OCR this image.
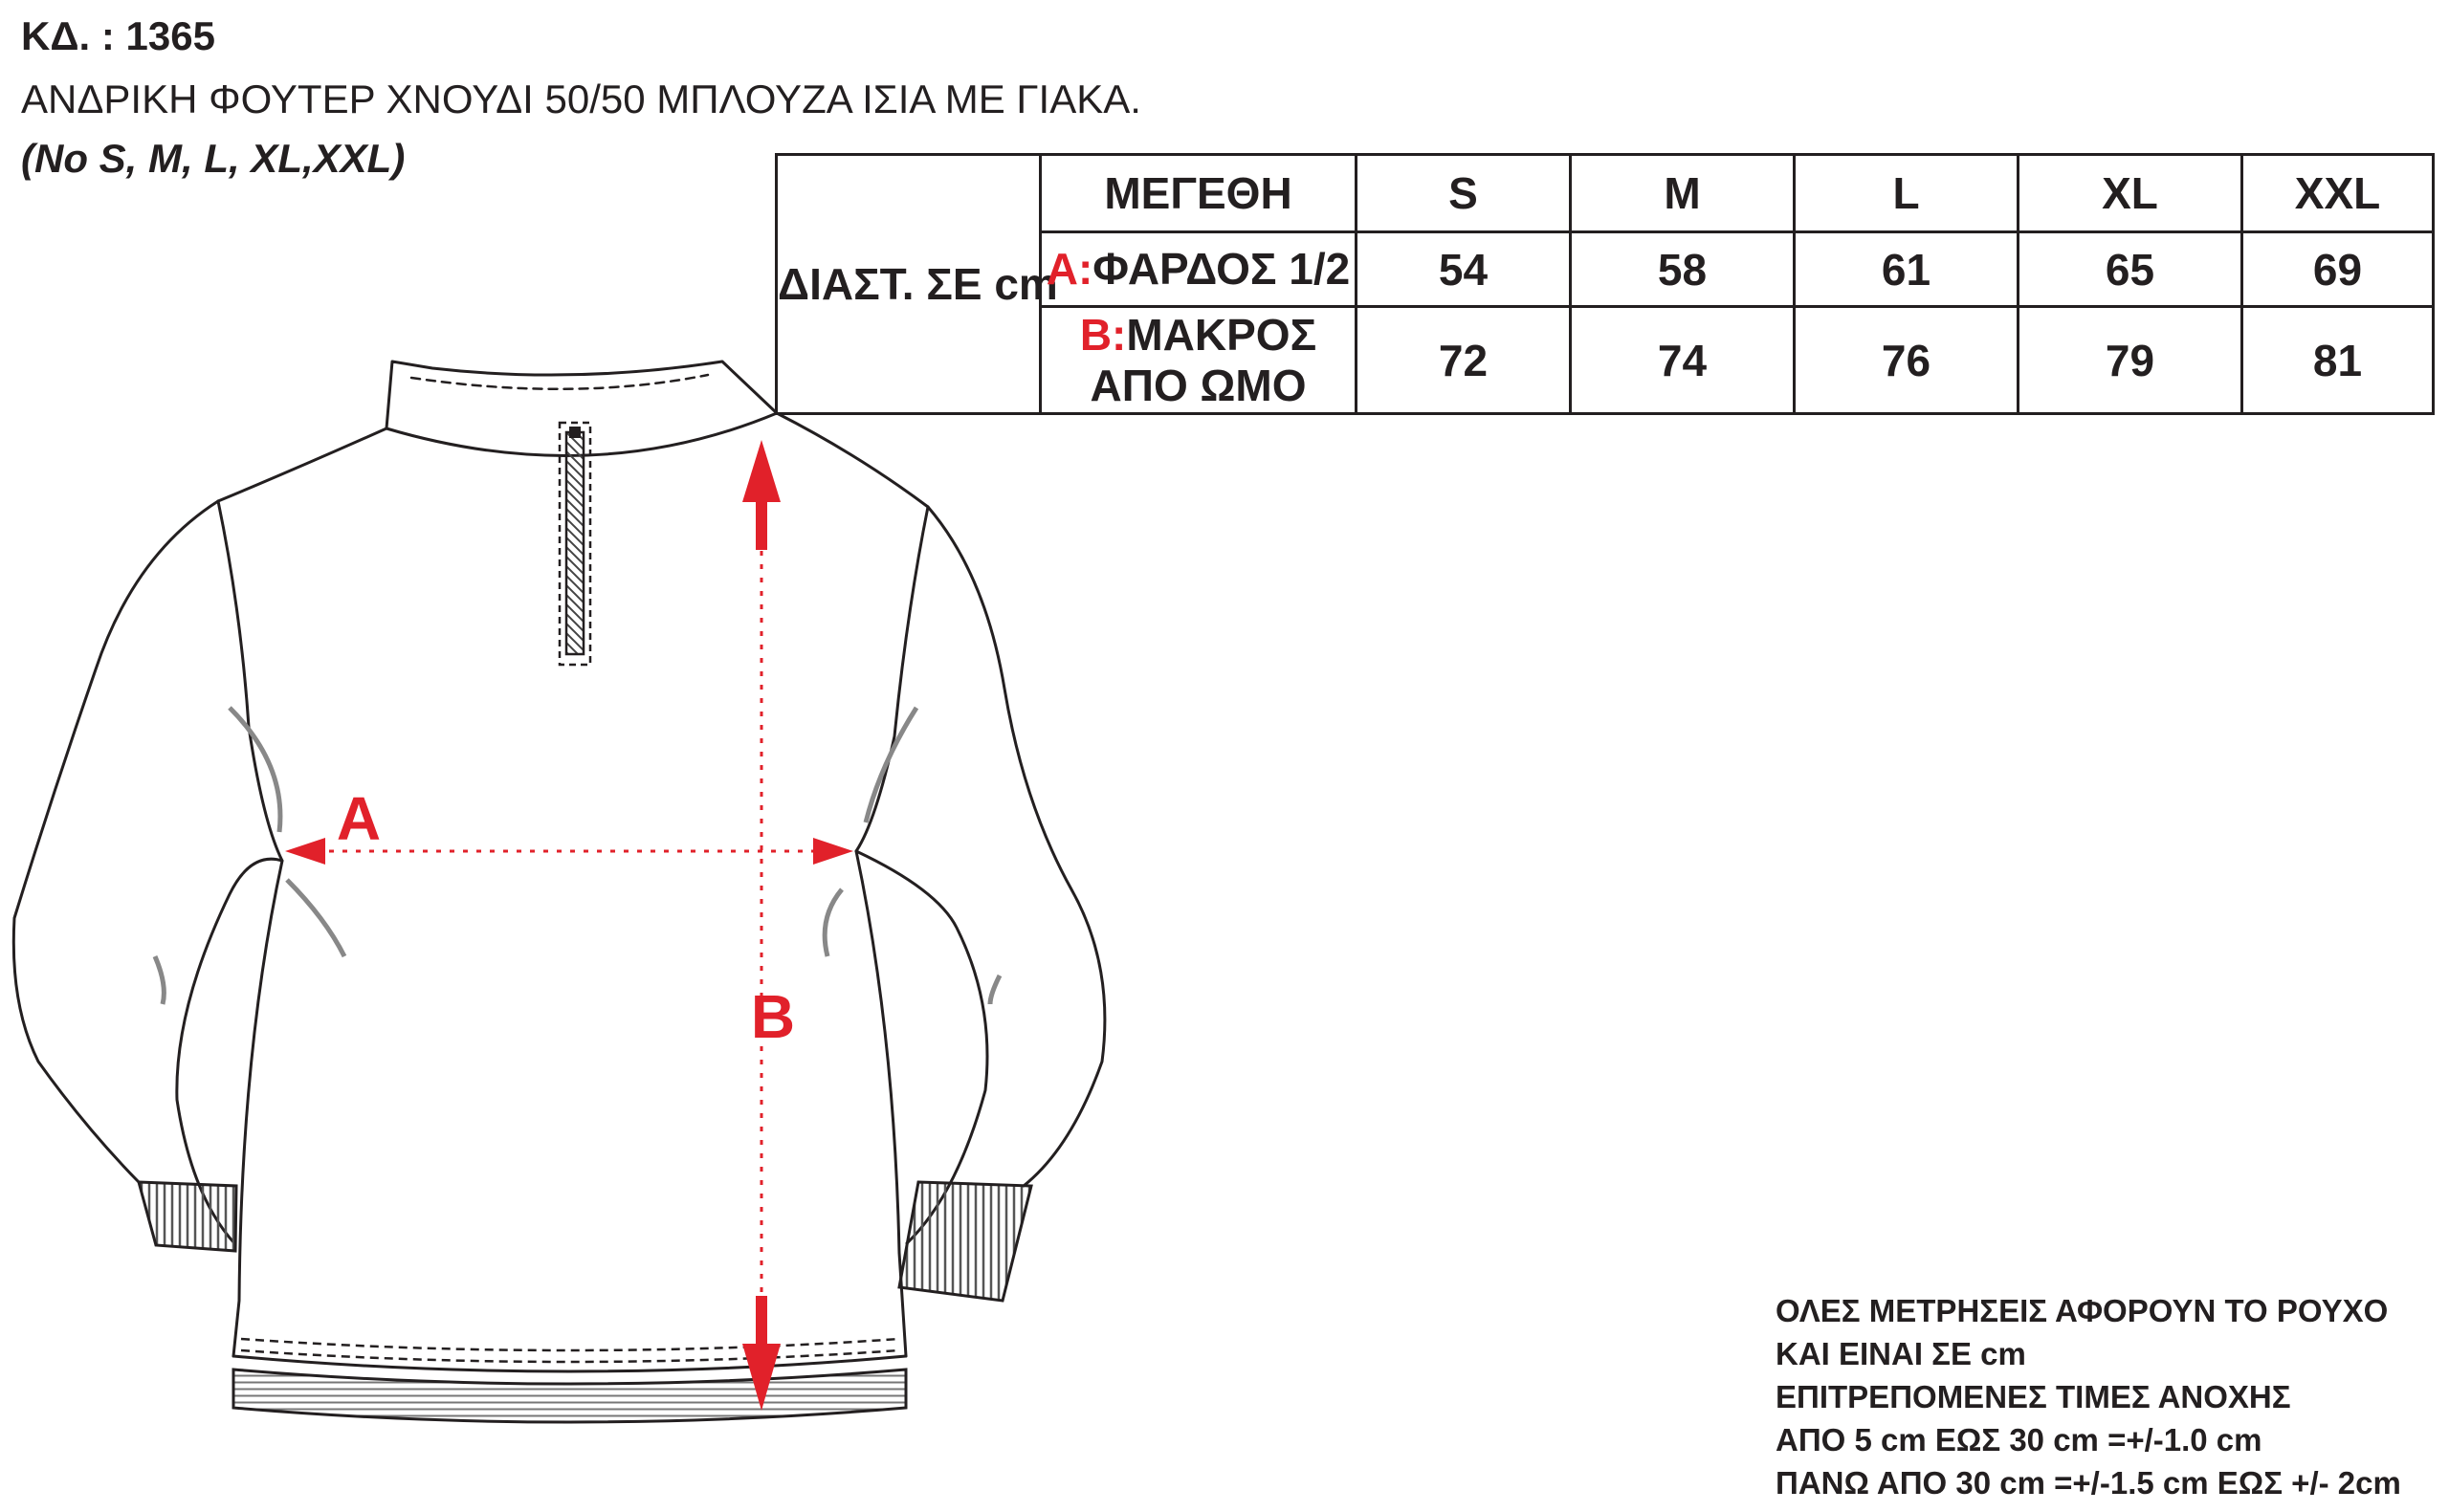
ΚΔ. : 1365
ΑΝΔΡΙΚΗ ΦΟΥΤΕΡ ΧΝΟΥΔΙ 50/50 ΜΠΛΟΥΖΑ ΙΣΙΑ ΜΕ ΓΙΑΚΑ.
(No S, M, L, XL,XXL)
ΔΙΑΣΤ. ΣΕ cm	ΜΕΓΕΘΗ	S	M	L	XL	XXL
	A:ΦΑΡΔΟΣ 1/2	54	58	61	65	69
	B:ΜΑΚΡΟΣ ΑΠΟ ΩΜΟ	72	74	76	79	81
A
B
ΟΛΕΣ ΜΕΤΡΗΣΕΙΣ ΑΦΟΡΟΥΝ ΤΟ ΡΟΥΧΟ
ΚΑΙ ΕΙΝΑΙ ΣΕ cm
ΕΠΙΤΡΕΠΟΜΕΝΕΣ ΤΙΜΕΣ ΑΝΟΧΗΣ
ΑΠΟ 5 cm ΕΩΣ 30 cm =+/-1.0 cm
ΠΑΝΩ ΑΠΟ 30 cm =+/-1.5 cm ΕΩΣ +/- 2cm
